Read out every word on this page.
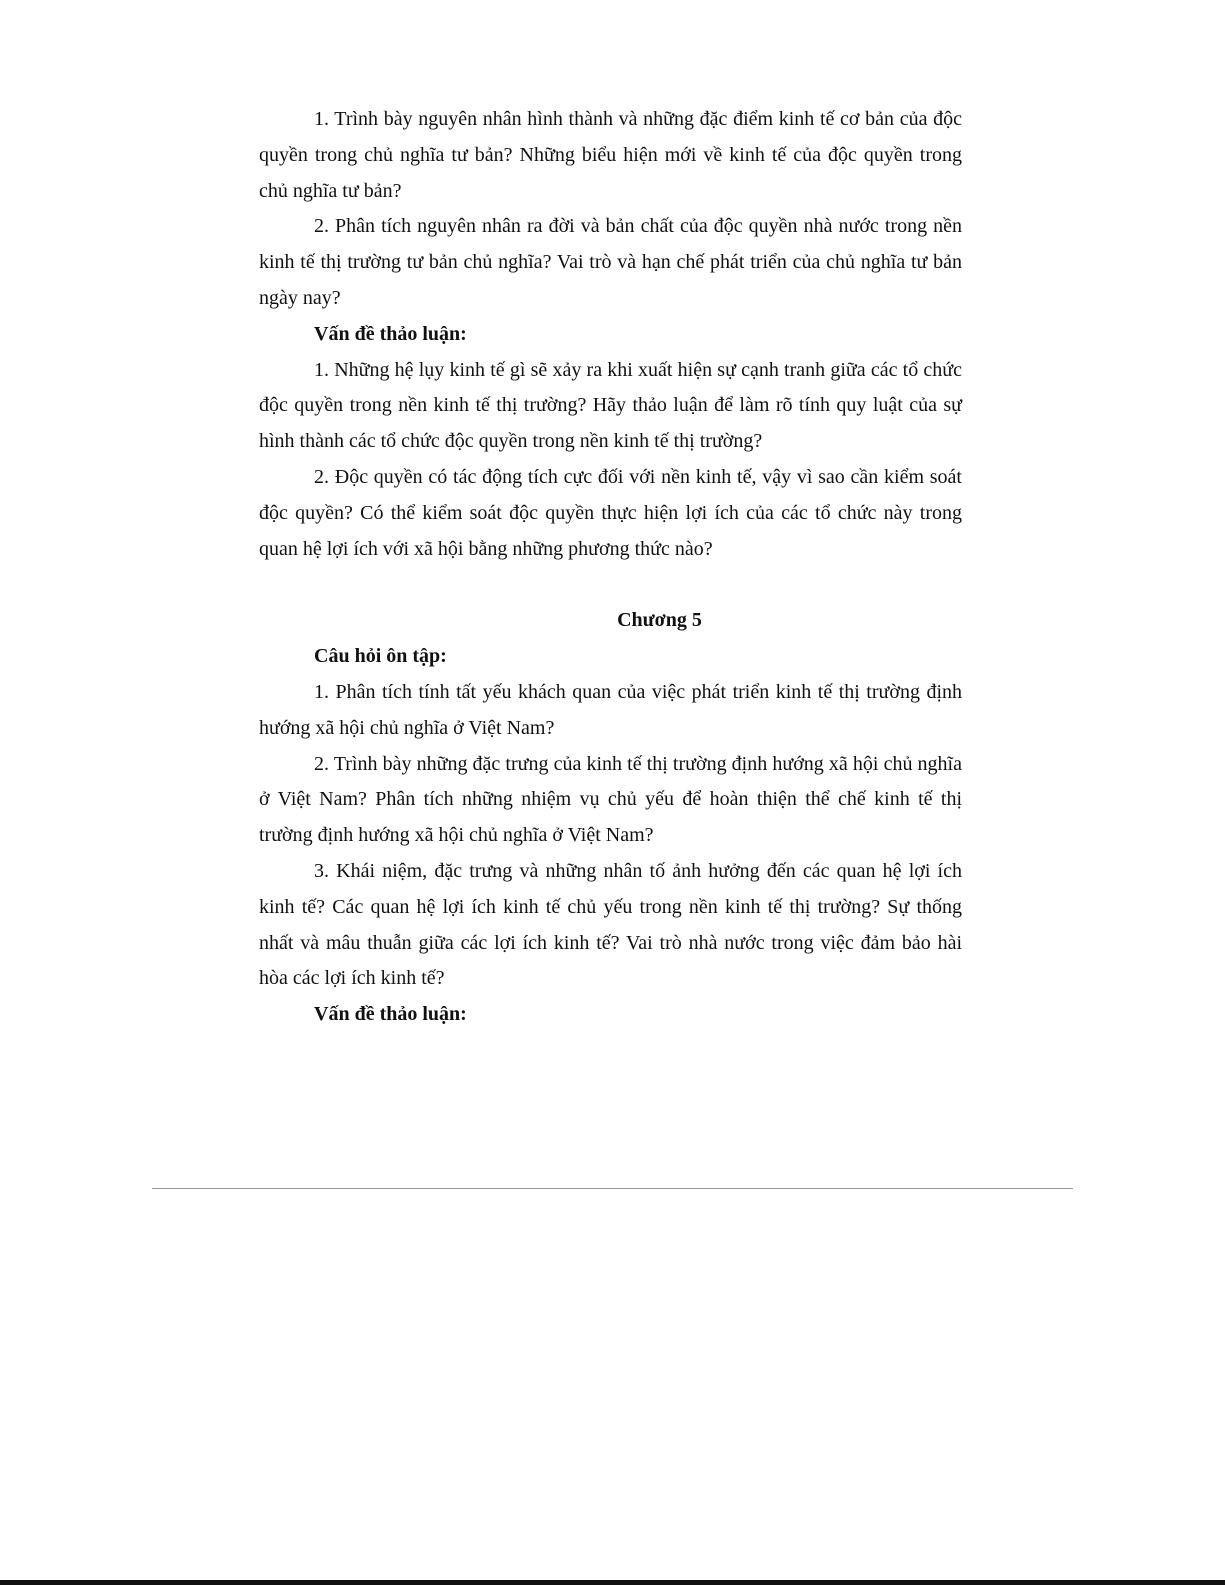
1. Trình bày nguyên nhân hình thành và những đặc điểm kinh tế cơ bản của độc quyền trong chủ nghĩa tư bản? Những biểu hiện mới về kinh tế của độc quyền trong chủ nghĩa tư bản?

2. Phân tích nguyên nhân ra đời và bản chất của độc quyền nhà nước trong nền kinh tế thị trường tư bản chủ nghĩa? Vai trò và hạn chế phát triển của chủ nghĩa tư bản ngày nay?

Vấn đề thảo luận:

1. Những hệ lụy kinh tế gì sẽ xảy ra khi xuất hiện sự cạnh tranh giữa các tổ chức độc quyền trong nền kinh tế thị trường? Hãy thảo luận để làm rõ tính quy luật của sự hình thành các tổ chức độc quyền trong nền kinh tế thị trường?

2. Độc quyền có tác động tích cực đối với nền kinh tế, vậy vì sao cần kiểm soát độc quyền? Có thể kiểm soát độc quyền thực hiện lợi ích của các tổ chức này trong quan hệ lợi ích với xã hội bằng những phương thức nào?

Chương 5

Câu hỏi ôn tập:

1. Phân tích tính tất yếu khách quan của việc phát triển kinh tế thị trường định hướng xã hội chủ nghĩa ở Việt Nam?

2. Trình bày những đặc trưng của kinh tế thị trường định hướng xã hội chủ nghĩa ở Việt Nam? Phân tích những nhiệm vụ chủ yếu để hoàn thiện thể chế kinh tế thị trường định hướng xã hội chủ nghĩa ở Việt Nam?

3. Khái niệm, đặc trưng và những nhân tố ảnh hưởng đến các quan hệ lợi ích kinh tế? Các quan hệ lợi ích kinh tế chủ yếu trong nền kinh tế thị trường? Sự thống nhất và mâu thuẫn giữa các lợi ích kinh tế? Vai trò nhà nước trong việc đảm bảo hài hòa các lợi ích kinh tế?

Vấn đề thảo luận:
